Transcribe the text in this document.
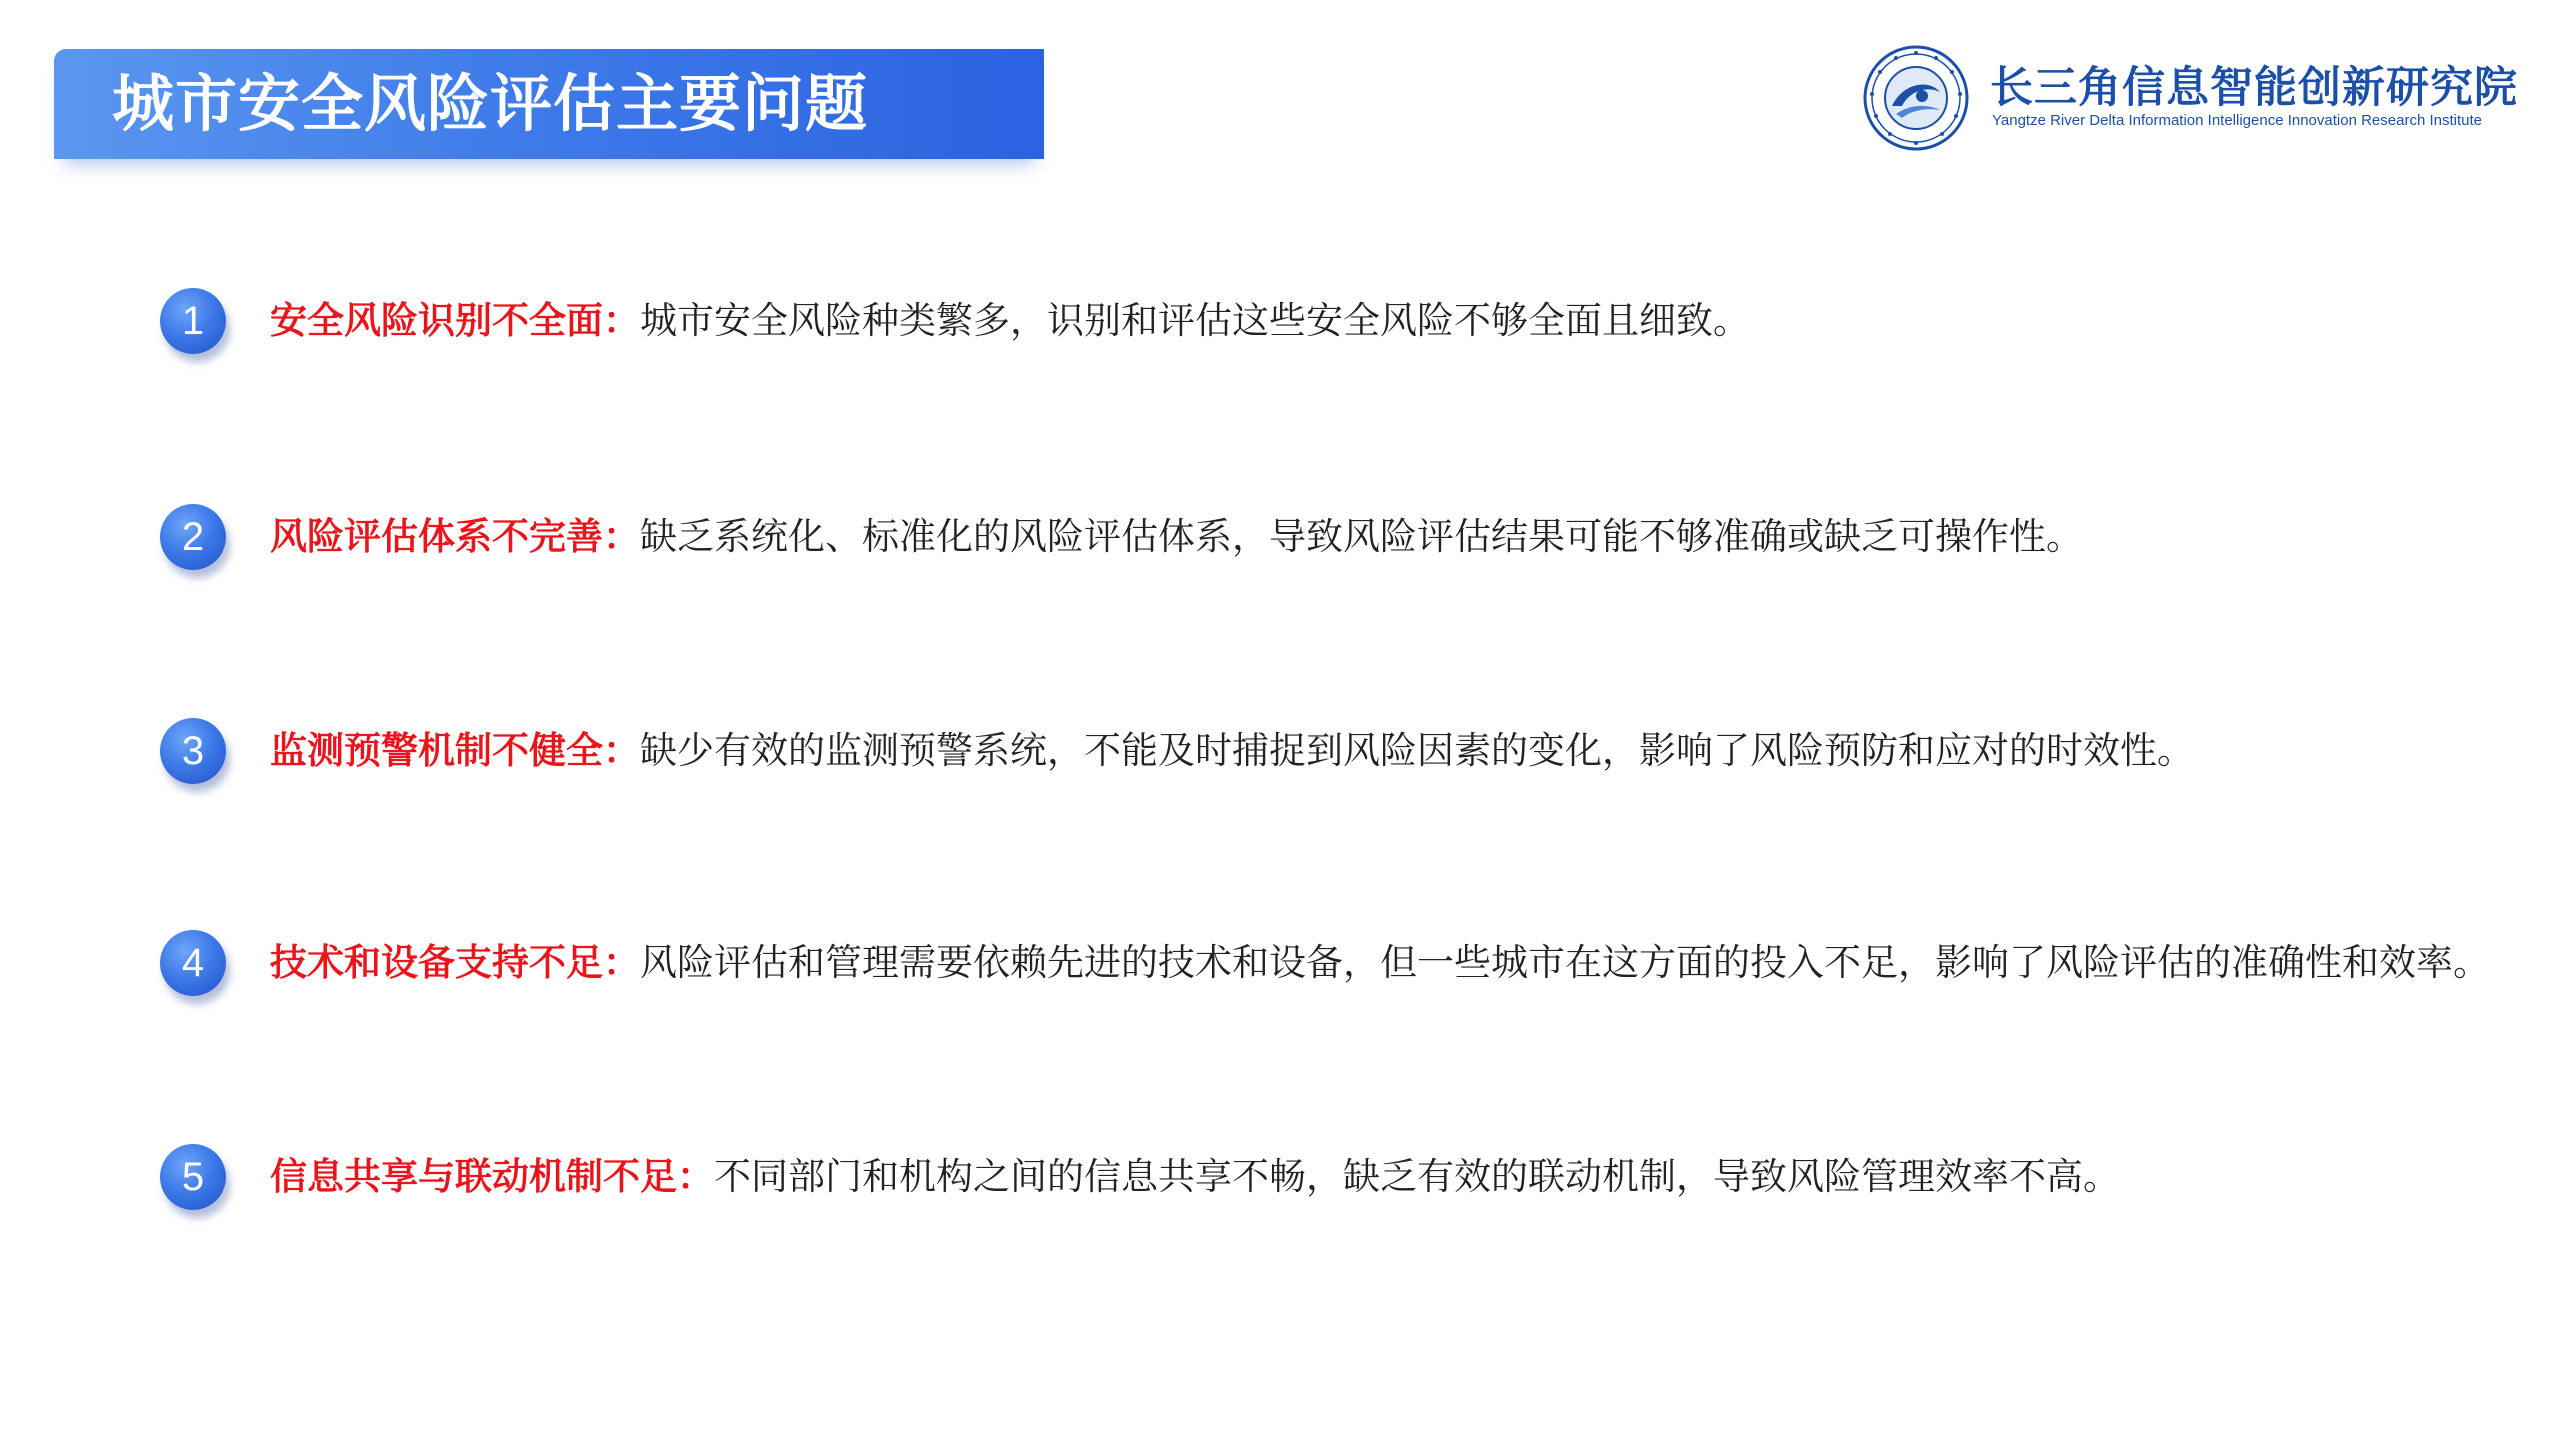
城市安全风险评估主要问题	长三角信息智能创新研究院
Yangtze River Delta Information Intelligence Innovation Research Institute
1	安全风险识别不全面：城市安全风险种类繁多，识别和评估这些安全风险不够全面且细致。
2	风险评估体系不完善：缺乏系统化、标准化的风险评估体系，导致风险评估结果可能不够准确或缺乏可操作性。
3	监测预警机制不健全：缺少有效的监测预警系统，不能及时捕捉到风险因素的变化，影响了风险预防和应对的时效性。
4	技术和设备支持不足：风险评估和管理需要依赖先进的技术和设备，但一些城市在这方面的投入不足，影响了风险评估的准确性和效率。
5	信息共享与联动机制不足：不同部门和机构之间的信息共享不畅，缺乏有效的联动机制，导致风险管理效率不高。
